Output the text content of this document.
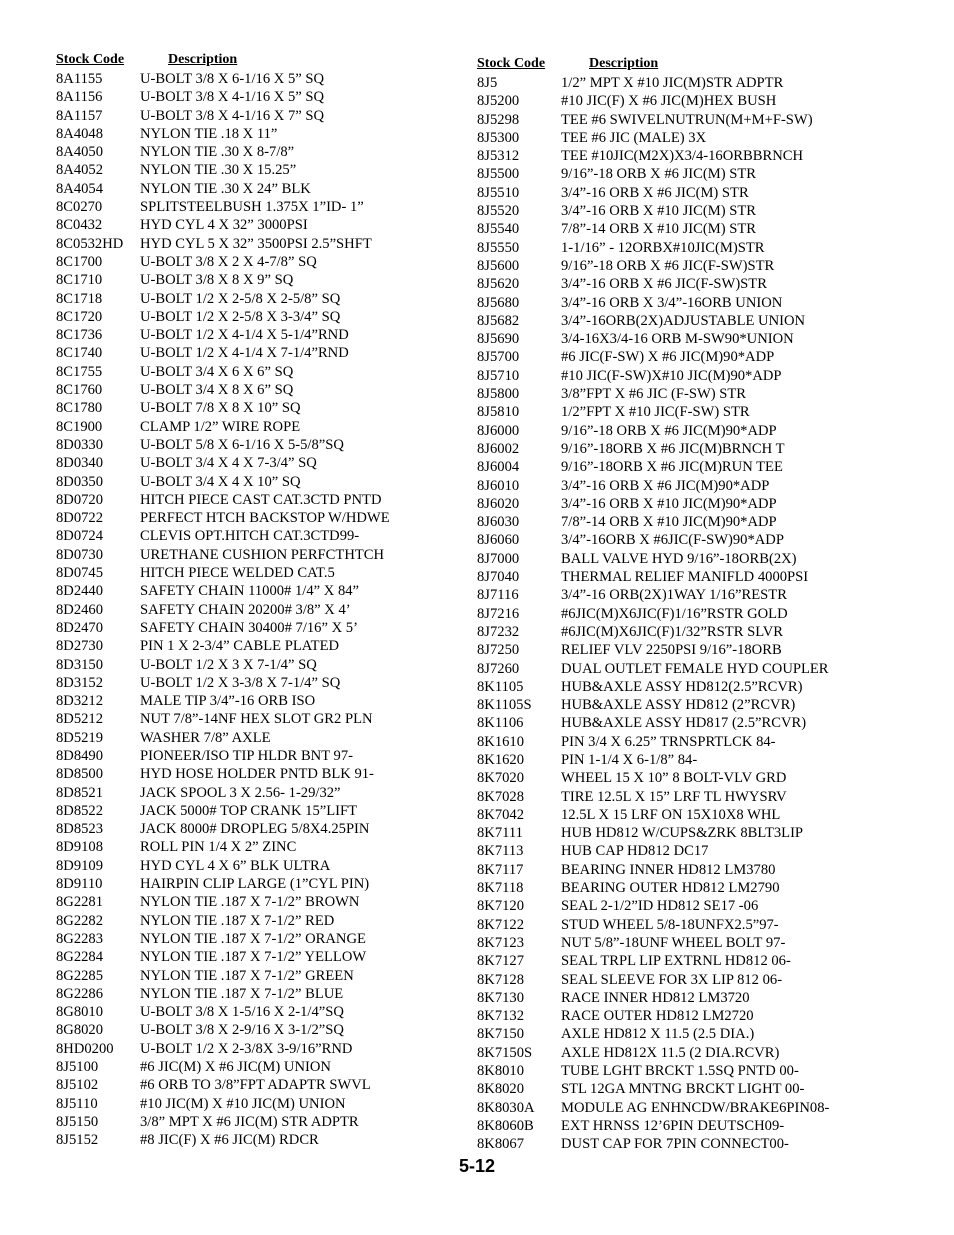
Stock Code	Description
8A1155	U-BOLT 3/8 X 6-1/16 X 5” SQ
8A1156	U-BOLT 3/8 X 4-1/16 X 5” SQ
8A1157	U-BOLT 3/8 X 4-1/16 X 7” SQ
8A4048	NYLON TIE .18 X 11”
8A4050	NYLON TIE .30 X 8-7/8”
8A4052	NYLON TIE .30 X 15.25”
8A4054	NYLON TIE .30 X 24” BLK
8C0270	SPLITSTEELBUSH 1.375X 1”ID- 1”
8C0432	HYD CYL 4 X 32” 3000PSI
8C0532HD HYD CYL 5 X 32” 3500PSI 2.5”SHFT
8C1700	U-BOLT 3/8 X 2 X 4-7/8” SQ
8C1710	U-BOLT 3/8 X 8 X 9” SQ
8C1718	U-BOLT 1/2 X 2-5/8 X 2-5/8” SQ
8C1720	U-BOLT 1/2 X 2-5/8 X 3-3/4” SQ
8C1736	U-BOLT 1/2 X 4-1/4 X 5-1/4”RND
8C1740	U-BOLT 1/2 X 4-1/4 X 7-1/4”RND
8C1755	U-BOLT 3/4 X 6 X 6” SQ
8C1760	U-BOLT 3/4 X 8 X 6” SQ
8C1780	U-BOLT 7/8 X 8 X 10” SQ
8C1900	CLAMP 1/2” WIRE ROPE
8D0330	U-BOLT 5/8 X 6-1/16 X 5-5/8”SQ
8D0340	U-BOLT 3/4 X 4 X 7-3/4” SQ
8D0350	U-BOLT 3/4 X 4 X 10” SQ
8D0720	HITCH PIECE CAST CAT.3CTD PNTD
8D0722	PERFECT HTCH BACKSTOP W/HDWE
8D0724	CLEVIS OPT.HITCH CAT.3CTD99-
8D0730	URETHANE CUSHION PERFCTHTCH
8D0745	HITCH PIECE WELDED CAT.5
8D2440	SAFETY CHAIN 11000# 1/4” X 84”
8D2460	SAFETY CHAIN 20200# 3/8” X 4’
8D2470	SAFETY CHAIN 30400# 7/16” X 5’
8D2730	PIN 1 X 2-3/4” CABLE PLATED
8D3150	U-BOLT 1/2 X 3 X 7-1/4” SQ
8D3152	U-BOLT 1/2 X 3-3/8 X 7-1/4” SQ
8D3212	MALE TIP 3/4”-16 ORB ISO
8D5212	NUT 7/8”-14NF HEX SLOT GR2 PLN
8D5219	WASHER 7/8” AXLE
8D8490	PIONEER/ISO TIP HLDR BNT 97-
8D8500	HYD HOSE HOLDER PNTD BLK 91-
8D8521	JACK SPOOL 3 X 2.56- 1-29/32”
8D8522	JACK 5000# TOP CRANK 15”LIFT
8D8523	JACK 8000# DROPLEG 5/8X4.25PIN
8D9108	ROLL PIN 1/4 X 2” ZINC
8D9109	HYD CYL 4 X 6” BLK ULTRA
8D9110	HAIRPIN CLIP LARGE (1”CYL PIN)
8G2281	NYLON TIE .187 X 7-1/2” BROWN
8G2282	NYLON TIE .187 X 7-1/2” RED
8G2283	NYLON TIE .187 X 7-1/2” ORANGE
8G2284	NYLON TIE .187 X 7-1/2” YELLOW
8G2285	NYLON TIE .187 X 7-1/2” GREEN
8G2286	NYLON TIE .187 X 7-1/2” BLUE
8G8010	U-BOLT 3/8 X 1-5/16 X 2-1/4”SQ
8G8020	U-BOLT 3/8 X 2-9/16 X 3-1/2”SQ
8HD0200 U-BOLT 1/2 X 2-3/8X 3-9/16”RND
8J5100	#6 JIC(M) X #6 JIC(M) UNION
8J5102	#6 ORB TO 3/8”FPT ADAPTR SWVL
8J5110	#10 JIC(M) X #10 JIC(M) UNION
8J5150	3/8” MPT X #6 JIC(M) STR ADPTR
8J5152	#8 JIC(F) X #6 JIC(M) RDCR
Stock Code	Description
8J5	1/2” MPT X #10 JIC(M)STR ADPTR
8J5200	#10 JIC(F) X #6 JIC(M)HEX BUSH
8J5298	TEE #6 SWIVELNUTRUN(M+M+F-SW)
8J5300	TEE #6 JIC (MALE) 3X
8J5312	TEE #10JIC(M2X)X3/4-16ORBBRNCH
8J5500	9/16”-18 ORB X #6 JIC(M) STR
8J5510	3/4”-16 ORB X #6 JIC(M) STR
8J5520	3/4”-16 ORB X #10 JIC(M) STR
8J5540	7/8”-14 ORB X #10 JIC(M) STR
8J5550	1-1/16” - 12ORBX#10JIC(M)STR
8J5600	9/16”-18 ORB X #6 JIC(F-SW)STR
8J5620	3/4”-16 ORB X #6 JIC(F-SW)STR
8J5680	3/4”-16 ORB X 3/4”-16ORB UNION
8J5682	3/4”-16ORB(2X)ADJUSTABLE UNION
8J5690	3/4-16X3/4-16 ORB M-SW90*UNION
8J5700	#6 JIC(F-SW) X #6 JIC(M)90*ADP
8J5710	#10 JIC(F-SW)X#10 JIC(M)90*ADP
8J5800	3/8”FPT X #6 JIC (F-SW) STR
8J5810	1/2”FPT X #10 JIC(F-SW) STR
8J6000	9/16”-18 ORB X #6 JIC(M)90*ADP
8J6002	9/16”-18ORB X #6 JIC(M)BRNCH T
8J6004	9/16”-18ORB X #6 JIC(M)RUN TEE
8J6010	3/4”-16 ORB X #6 JIC(M)90*ADP
8J6020	3/4”-16 ORB X #10 JIC(M)90*ADP
8J6030	7/8”-14 ORB X #10 JIC(M)90*ADP
8J6060	3/4”-16ORB X #6JIC(F-SW)90*ADP
8J7000	BALL VALVE HYD 9/16”-18ORB(2X)
8J7040	THERMAL RELIEF MANIFLD 4000PSI
8J7116	3/4”-16 ORB(2X)1WAY 1/16”RESTR
8J7216	#6JIC(M)X6JIC(F)1/16”RSTR GOLD
8J7232	#6JIC(M)X6JIC(F)1/32”RSTR SLVR
8J7250	RELIEF VLV 2250PSI 9/16”-18ORB
8J7260	DUAL OUTLET FEMALE HYD COUPLER
8K1105	HUB&AXLE ASSY HD812(2.5”RCVR)
8K1105S HUB&AXLE ASSY HD812 (2”RCVR)
8K1106	HUB&AXLE ASSY HD817 (2.5”RCVR)
8K1610	PIN 3/4 X 6.25” TRNSPRTLCK 84-
8K1620	PIN 1-1/4 X 6-1/8” 84-
8K7020	WHEEL 15 X 10” 8 BOLT-VLV GRD
8K7028	TIRE 12.5L X 15” LRF TL HWYSRV
8K7042	12.5L X 15 LRF ON 15X10X8 WHL
8K7111	HUB HD812 W/CUPS&ZRK 8BLT3LIP
8K7113	HUB CAP HD812 DC17
8K7117	BEARING INNER HD812 LM3780
8K7118	BEARING OUTER HD812 LM2790
8K7120	SEAL 2-1/2”ID HD812 SE17 -06
8K7122	STUD WHEEL 5/8-18UNFX2.5”97-
8K7123	NUT 5/8”-18UNF WHEEL BOLT 97-
8K7127	SEAL TRPL LIP EXTRNL HD812 06-
8K7128	SEAL SLEEVE FOR 3X LIP 812 06-
8K7130	RACE INNER HD812 LM3720
8K7132	RACE OUTER HD812 LM2720
8K7150	AXLE HD812 X 11.5 (2.5 DIA.)
8K7150S AXLE HD812X 11.5 (2 DIA.RCVR)
8K8010	TUBE LGHT BRCKT 1.5SQ PNTD 00-
8K8020	STL 12GA MNTNG BRCKT LIGHT 00-
8K8030A MODULE AG ENHNCDW/BRAKE6PIN08-
8K8060B EXT HRNSS 12’6PIN DEUTSCH09-
8K8067	DUST CAP FOR 7PIN CONNECT00-
5-12
